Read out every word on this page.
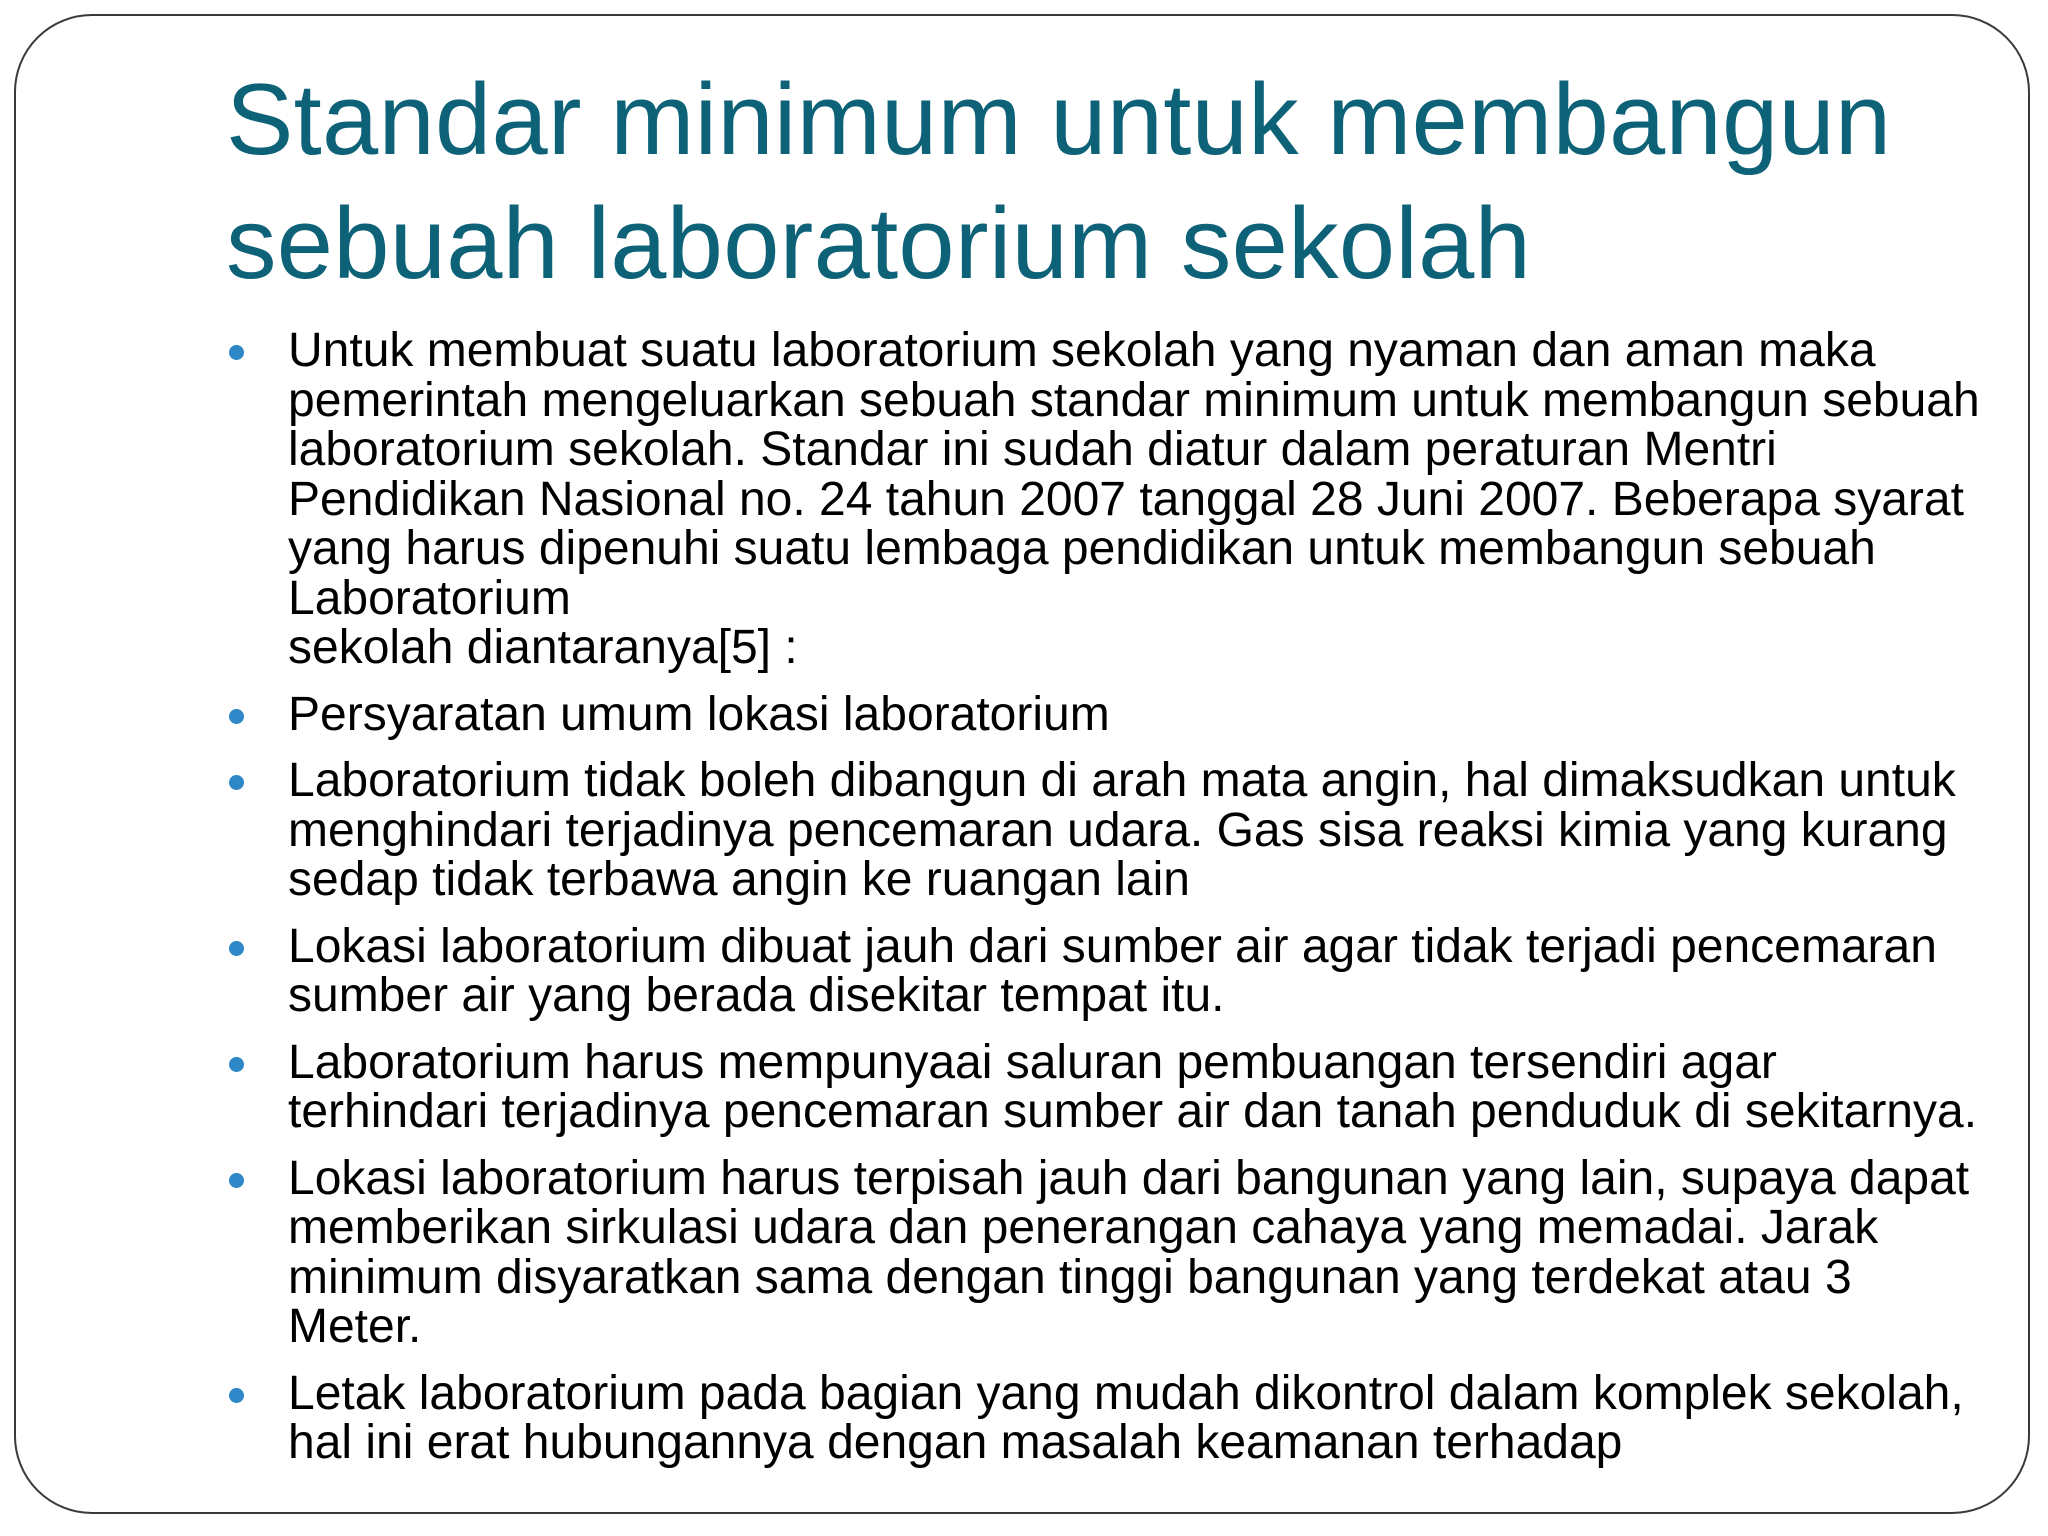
Standar minimum untuk membangun sebuah laboratorium sekolah
Untuk membuat suatu laboratorium sekolah yang nyaman dan aman maka pemerintah mengeluarkan sebuah standar minimum untuk membangun sebuah laboratorium sekolah. Standar ini sudah diatur dalam peraturan Mentri Pendidikan Nasional no. 24 tahun 2007 tanggal 28 Juni 2007. Beberapa syarat yang harus dipenuhi suatu lembaga pendidikan untuk membangun sebuah Laboratorium
sekolah diantaranya[5] :
Persyaratan umum lokasi laboratorium
Laboratorium tidak boleh dibangun di arah mata angin, hal dimaksudkan untuk menghindari terjadinya pencemaran udara. Gas sisa reaksi kimia yang kurang sedap tidak terbawa angin ke ruangan lain
Lokasi laboratorium dibuat jauh dari sumber air agar tidak terjadi pencemaran sumber air yang berada disekitar tempat itu.
Laboratorium harus mempunyaai saluran pembuangan tersendiri agar terhindari terjadinya pencemaran sumber air dan tanah penduduk di sekitarnya.
Lokasi laboratorium harus terpisah jauh dari bangunan yang lain, supaya dapat memberikan sirkulasi udara dan penerangan cahaya yang memadai. Jarak minimum disyaratkan sama dengan tinggi bangunan yang terdekat atau 3 Meter.
Letak laboratorium pada bagian yang mudah dikontrol dalam komplek sekolah, hal ini erat hubungannya dengan masalah keamanan terhadap
